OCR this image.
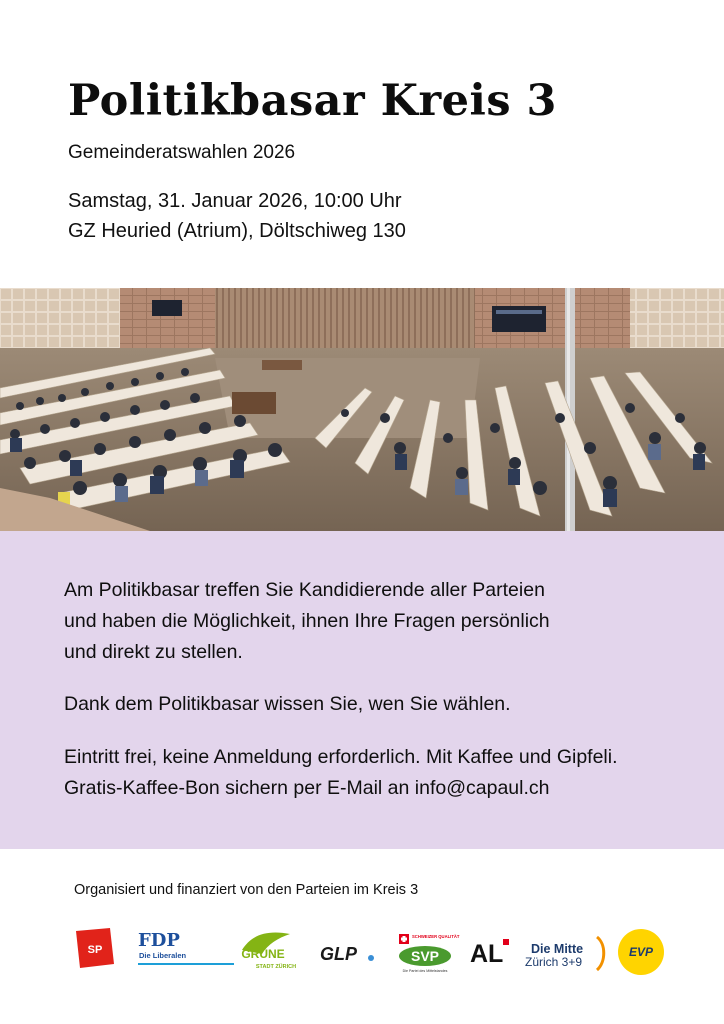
Politikbasar Kreis 3
Gemeinderatswahlen 2026
Samstag, 31. Januar 2026, 10:00 Uhr
GZ Heuried (Atrium), Döltschiweg 130

Am Politikbasar treffen Sie Kandidierende aller Parteien
und haben die Möglichkeit, ihnen Ihre Fragen persönlich
und direkt zu stellen.

Dank dem Politikbasar wissen Sie, wen Sie wählen.

Eintritt frei, keine Anmeldung erforderlich. Mit Kaffee und Gipfeli.
Gratis-Kaffee-Bon sichern per E-Mail an info@capaul.ch

Organisiert und finanziert von den Parteien im Kreis 3
SP FDP
Die Liberalen	GRÜNE
STADT ZÜRICH
GLP
SCHWEIZER QUALITÄT
SVP
Die Partei des Mittelstandes
AL Die Mitte
Zürich 3+9
EVP
